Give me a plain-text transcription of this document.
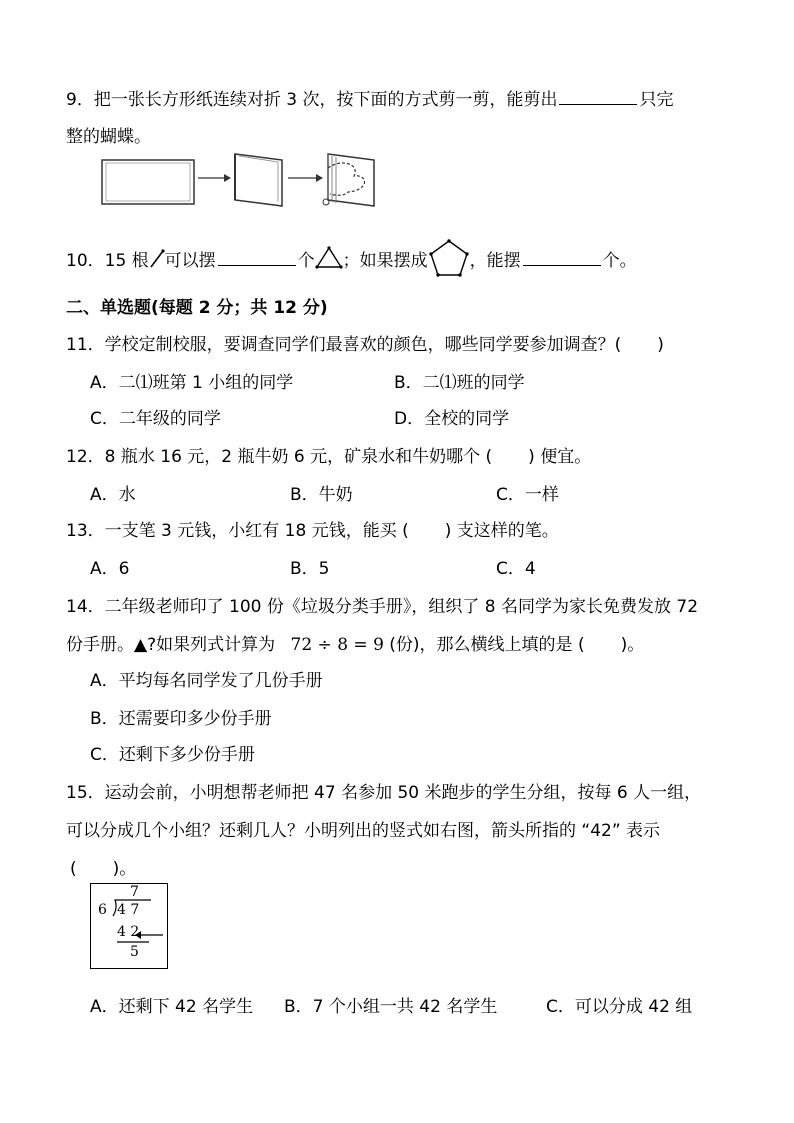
9．把一张长方形纸连续对折 3 次，按下面的方式剪一剪，能剪出	只完
整的蝴蝶。
10．15 根 可以摆	个 ；如果摆成 ，能摆	个。
二、单选题(每题 2 分；共 12 分)
11．学校定制校服，要调查同学们最喜欢的颜色，哪些同学要参加调查？( )
A．二⑴班第 1 小组的同学	B．二⑴班的同学
C．二年级的同学	D．全校的同学
12．8 瓶水 16 元，2 瓶牛奶 6 元，矿泉水和牛奶哪个 ( ) 便宜。
A．水	B．牛奶	C．一样
13．一支笔 3 元钱，小红有 18 元钱，能买 ( ) 支这样的笔。
A．6	B．5	C．4
14．二年级老师印了 100 份《垃圾分类手册》，组织了 8 名同学为家长免费发放 72
份手册。▲?如果列式计算为 72 ÷ 8 = 9 (份)，那么横线上填的是 ( )。
A．平均每名同学发了几份手册
B．还需要印多少份手册
C．还剩下多少份手册
15．运动会前，小明想帮老师把 47 名参加 50 米跑步的学生分组，按每 6 人一组，
可以分成几个小组？还剩几人？小明列出的竖式如右图，箭头所指的 “42” 表示
( )。
7
6 4 7
4 2
5
A．还剩下 42 名学生 B．7 个小组一共 42 名学生	C．可以分成 42 组
